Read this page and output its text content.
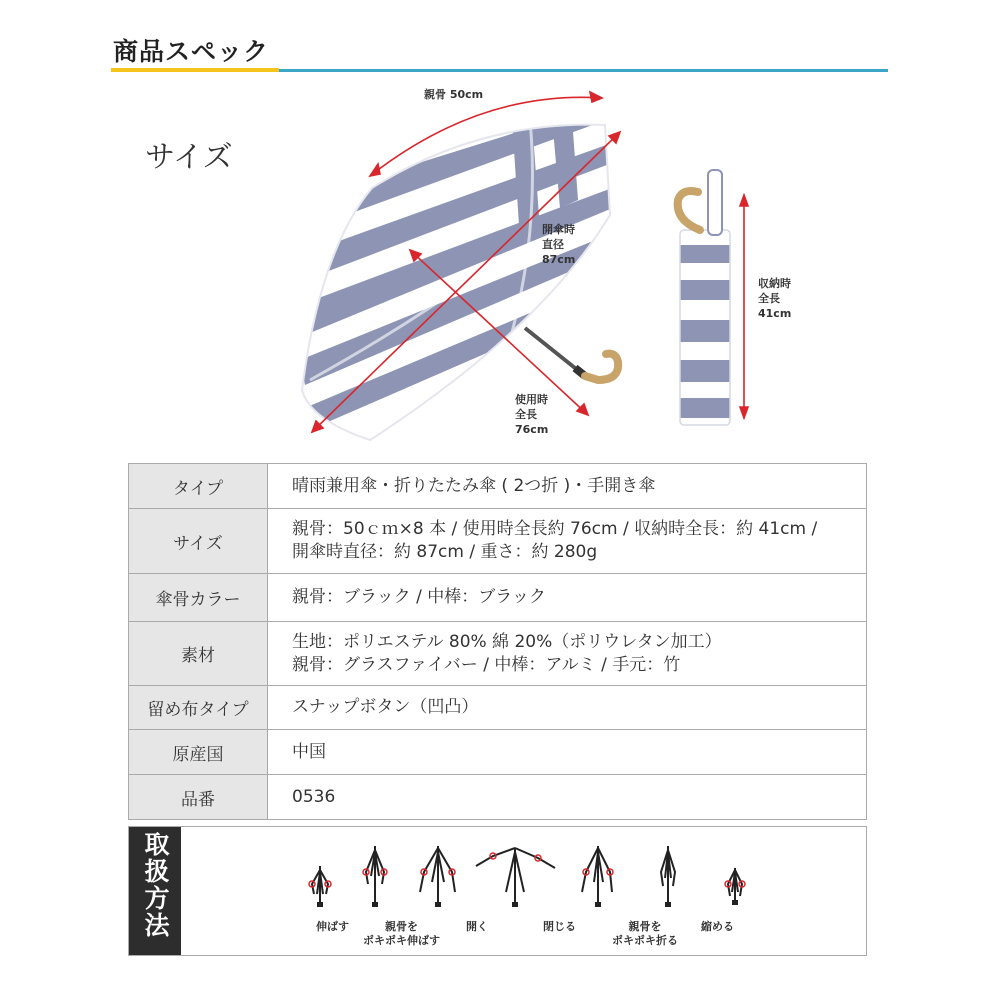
商品スペック
サイズ
親骨 50cm
開傘時
直径
87cm
使用時
全長
76cm
収納時
全長
41cm
タイプ	晴雨兼用傘・折りたたみ傘 ( 2つ折 )・手開き傘

サイズ	親骨：50ｃｍ×8 本 / 使用時全長約 76cm / 収納時全長：約 41cm /
開傘時直径：約 87cm / 重さ：約 280g

傘骨カラー	親骨：ブラック / 中棒：ブラック

素材	生地：ポリエステル 80% 綿 20%（ポリウレタン加工）
親骨：グラスファイバー / 中棒：アルミ / 手元：竹

留め布タイプ	スナップボタン（凹凸）

原産国	中国

品番	0536
取扱方法	伸ばす	親骨を
ポキポキ伸ばす
開く	閉じる	親骨を
ポキポキ折る
縮める
